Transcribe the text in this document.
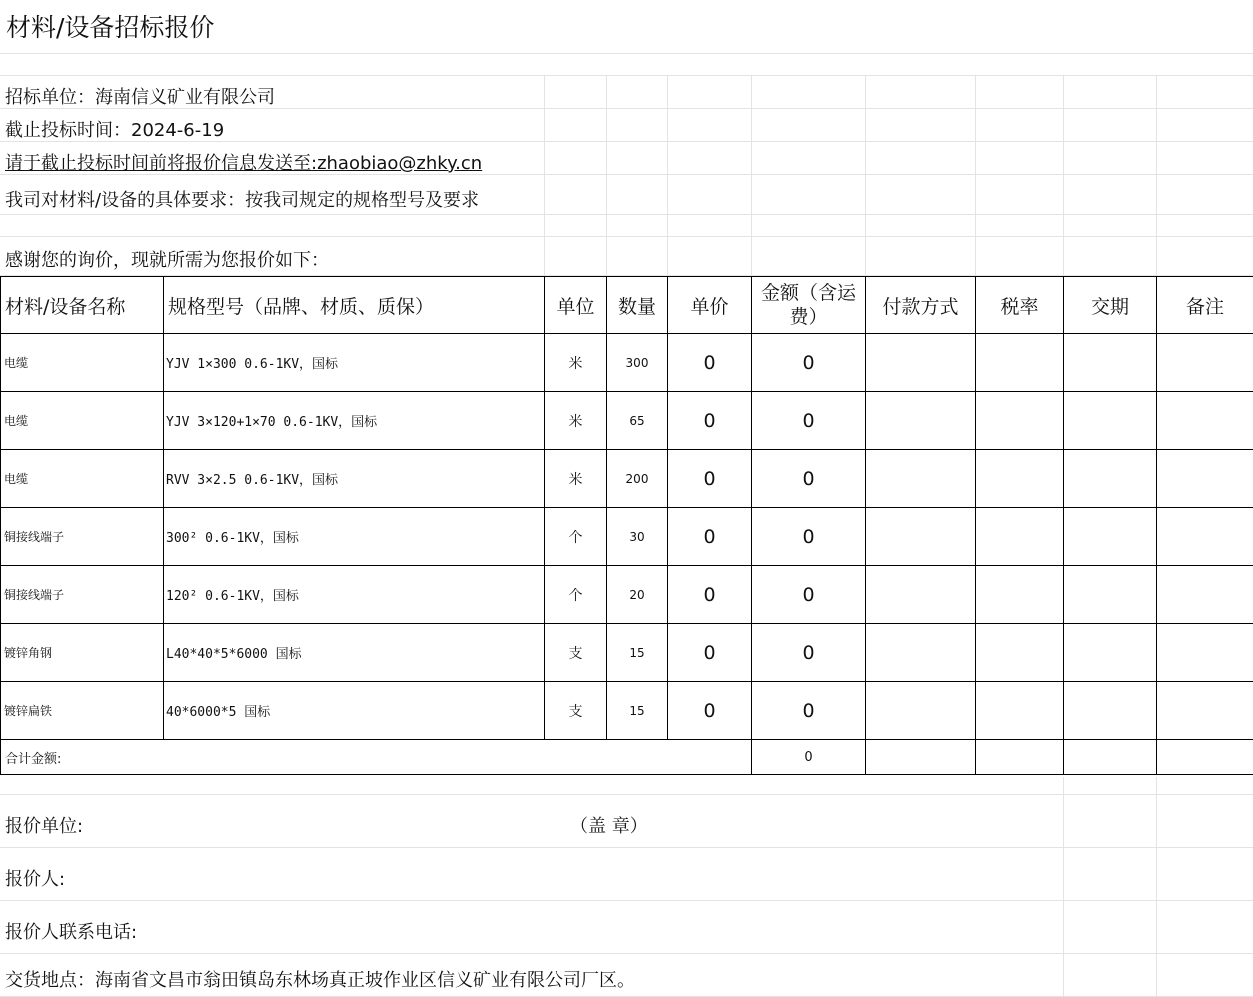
材料/设备招标报价
招标单位：海南信义矿业有限公司
截止投标时间：2024-6-19
请于截止投标时间前将报价信息发送至:zhaobiao@zhky.cn
我司对材料/设备的具体要求：按我司规定的规格型号及要求
感谢您的询价，现就所需为您报价如下：
材料/设备名称	规格型号（品牌、材质、质保）	单位	数量	单价	金额（含运费）	付款方式	税率	交期	备注
电缆	YJV 1×300 0.6-1KV，国标	米	300	0	0				
电缆	YJV 3×120+1×70 0.6-1KV，国标	米	65	0	0				
电缆	RVV 3×2.5 0.6-1KV，国标	米	200	0	0				
铜接线端子	300² 0.6-1KV，国标	个	30	0	0				
铜接线端子	120² 0.6-1KV，国标	个	20	0	0				
镀锌角钢	L40*40*5*6000 国标	支	15	0	0				
镀锌扁铁	40*6000*5 国标	支	15	0	0				
合计金额:					0				
报价单位:	（盖 章）
报价人:
报价人联系电话:
交货地点：海南省文昌市翁田镇岛东林场真正坡作业区信义矿业有限公司厂区。
